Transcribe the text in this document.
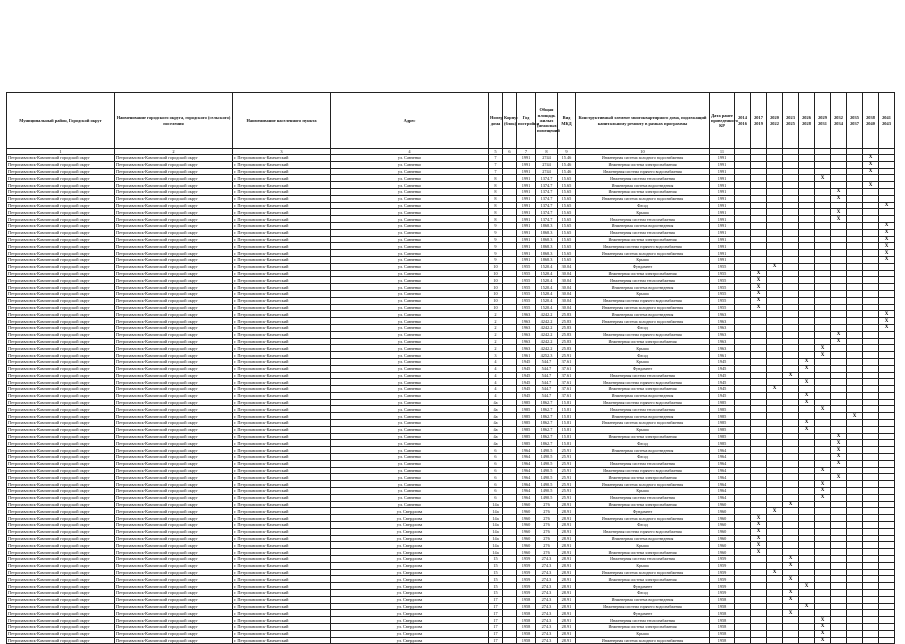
Муниципальный район, Городской округ	Наименование городского округа, городского (сельского) поселения	Наименование населенного пункта	Адрес	Номер дома	Корпус (блок)	Год постройки	Общая площадь жилых (нежилых) помещений	Вид МКД	Конструктивный элемент многоквартирного дома, подлежащий капитальному ремонту в рамках программы	Дата ранее проведенного КР	2014 2016	2017 2019	2020 2022	2023 2025	2026 2028	2029 2031	2032 2034	2035 2037	2038 2040	2041 2043
1	2	3	4	5	6	7	8	9	10	11										
Петропавловск-Камчатский городской округ	Петропавловск-Камчатский городской округ	г. Петропавловск-Камчатский	ул. Савченко	7		1991	2744	15.46	Инженерная система холодного водоснабжения	1991									X	
Петропавловск-Камчатский городской округ	Петропавловск-Камчатский городской округ	г. Петропавловск-Камчатский	ул. Савченко	7		1991	2744	15.46	Инженерная система электроснабжения	1991									X	
Петропавловск-Камчатский городской округ	Петропавловск-Камчатский городской округ	г. Петропавловск-Камчатский	ул. Савченко	7		1991	2744	15.46	Инженерная система горячего водоснабжения	1991									X	
Петропавловск-Камчатский городской округ	Петропавловск-Камчатский городской округ	г. Петропавловск-Камчатский	ул. Савченко	8		1991	1374.7	15.65	Инженерная система теплоснабжения	1991						X				
Петропавловск-Камчатский городской округ	Петропавловск-Камчатский городской округ	г. Петропавловск-Камчатский	ул. Савченко	8		1991	1374.7	15.65	Инженерная система водоотведения	1991									X	
Петропавловск-Камчатский городской округ	Петропавловск-Камчатский городской округ	г. Петропавловск-Камчатский	ул. Савченко	8		1991	1374.7	15.65	Инженерная система электроснабжения	1991							X			
Петропавловск-Камчатский городской округ	Петропавловск-Камчатский городской округ	г. Петропавловск-Камчатский	ул. Савченко	8		1991	1374.7	15.65	Инженерная система холодного водоснабжения	1991							X			
Петропавловск-Камчатский городской округ	Петропавловск-Камчатский городской округ	г. Петропавловск-Камчатский	ул. Савченко	8		1991	1374.7	15.65	Фасад	1991										X
Петропавловск-Камчатский городской округ	Петропавловск-Камчатский городской округ	г. Петропавловск-Камчатский	ул. Савченко	8		1991	1374.7	15.65	Крыша	1991							X			
Петропавловск-Камчатский городской округ	Петропавловск-Камчатский городской округ	г. Петропавловск-Камчатский	ул. Савченко	8		1991	1374.7	15.65	Инженерная система теплоснабжения	1991							X			
Петропавловск-Камчатский городской округ	Петропавловск-Камчатский городской округ	г. Петропавловск-Камчатский	ул. Савченко	9		1991	1868.3	15.65	Инженерная система водоотведения	1991										X
Петропавловск-Камчатский городской округ	Петропавловск-Камчатский городской округ	г. Петропавловск-Камчатский	ул. Савченко	9		1991	1868.3	15.65	Инженерная система теплоснабжения	1991										X
Петропавловск-Камчатский городской округ	Петропавловск-Камчатский городской округ	г. Петропавловск-Камчатский	ул. Савченко	9		1991	1868.3	15.65	Инженерная система электроснабжения	1991										X
Петропавловск-Камчатский городской округ	Петропавловск-Камчатский городской округ	г. Петропавловск-Камчатский	ул. Савченко	9		1991	1868.3	15.65	Инженерная система горячего водоснабжения	1991										X
Петропавловск-Камчатский городской округ	Петропавловск-Камчатский городской округ	г. Петропавловск-Камчатский	ул. Савченко	9		1991	1868.3	15.65	Инженерная система холодного водоснабжения	1991										X
Петропавловск-Камчатский городской округ	Петропавловск-Камчатский городской округ	г. Петропавловск-Камчатский	ул. Савченко	9		1991	1868.3	15.65	Крыша	1991										X
Петропавловск-Камчатский городской округ	Петропавловск-Камчатский городской округ	г. Петропавловск-Камчатский	ул. Савченко	10		1955	1520.4	30.04	Фундамент	1955			X							
Петропавловск-Камчатский городской округ	Петропавловск-Камчатский городской округ	г. Петропавловск-Камчатский	ул. Савченко	10		1955	1520.4	30.04	Инженерная система электроснабжения	1955		X								
Петропавловск-Камчатский городской округ	Петропавловск-Камчатский городской округ	г. Петропавловск-Камчатский	ул. Савченко	10		1955	1520.4	30.04	Инженерная система теплоснабжения	1955		X								
Петропавловск-Камчатский городской округ	Петропавловск-Камчатский городской округ	г. Петропавловск-Камчатский	ул. Савченко	10		1955	1520.4	30.04	Инженерная система водоотведения	1955		X								
Петропавловск-Камчатский городской округ	Петропавловск-Камчатский городской округ	г. Петропавловск-Камчатский	ул. Савченко	10		1955	1520.4	30.04	Крыша	1955		X								
Петропавловск-Камчатский городской округ	Петропавловск-Камчатский городской округ	г. Петропавловск-Камчатский	ул. Савченко	10		1955	1520.4	30.04	Инженерная система горячего водоснабжения	1955		X								
Петропавловск-Камчатский городской округ	Петропавловск-Камчатский городской округ	г. Петропавловск-Камчатский	ул. Савченко	10		1955	1520.4	30.04	Инженерная система холодного водоснабжения	1955		X								
Петропавловск-Камчатский городской округ	Петропавловск-Камчатский городской округ	г. Петропавловск-Камчатский	ул. Савченко	2		1963	4242.2	25.83	Инженерная система водоотведения	1963										X
Петропавловск-Камчатский городской округ	Петропавловск-Камчатский городской округ	г. Петропавловск-Камчатский	ул. Савченко	2		1963	4242.2	25.83	Инженерная система холодного водоснабжения	1963										X
Петропавловск-Камчатский городской округ	Петропавловск-Камчатский городской округ	г. Петропавловск-Камчатский	ул. Савченко	2		1963	4242.2	25.83	Фасад	1963										X
Петропавловск-Камчатский городской округ	Петропавловск-Камчатский городской округ	г. Петропавловск-Камчатский	ул. Савченко	2		1963	4242.2	25.83	Инженерная система горячего водоснабжения	1963							X			
Петропавловск-Камчатский городской округ	Петропавловск-Камчатский городской округ	г. Петропавловск-Камчатский	ул. Савченко	2		1963	4242.2	25.83	Инженерная система электроснабжения	1963							X			
Петропавловск-Камчатский городской округ	Петропавловск-Камчатский городской округ	г. Петропавловск-Камчатский	ул. Савченко	2		1963	4242.2	25.83	Крыша	1963						X				
Петропавловск-Камчатский городской округ	Петропавловск-Камчатский городской округ	г. Петропавловск-Камчатский	ул. Савченко	3		1961	4252.3	25.91	Фасад	1961						X				
Петропавловск-Камчатский городской округ	Петропавловск-Камчатский городской округ	г. Петропавловск-Камчатский	ул. Савченко	4		1945	544.7	37.61	Крыша	1945					X					
Петропавловск-Камчатский городской округ	Петропавловск-Камчатский городской округ	г. Петропавловск-Камчатский	ул. Савченко	4		1945	544.7	37.61	Фундамент	1945					X					
Петропавловск-Камчатский городской округ	Петропавловск-Камчатский городской округ	г. Петропавловск-Камчатский	ул. Савченко	4		1945	544.7	37.61	Инженерная система теплоснабжения	1945				X						
Петропавловск-Камчатский городской округ	Петропавловск-Камчатский городской округ	г. Петропавловск-Камчатский	ул. Савченко	4		1945	544.7	37.61	Инженерная система горячего водоснабжения	1945					X					
Петропавловск-Камчатский городской округ	Петропавловск-Камчатский городской округ	г. Петропавловск-Камчатский	ул. Савченко	4		1945	544.7	37.61	Инженерная система электроснабжения	1945			X							
Петропавловск-Камчатский городской округ	Петропавловск-Камчатский городской округ	г. Петропавловск-Камчатский	ул. Савченко	4		1945	544.7	37.61	Инженерная система водоотведения	1945					X					
Петропавловск-Камчатский городской округ	Петропавловск-Камчатский городской округ	г. Петропавловск-Камчатский	ул. Савченко	4a		1985	1862.7	15.81	Инженерная система горячего водоснабжения	1985					X					
Петропавловск-Камчатский городской округ	Петропавловск-Камчатский городской округ	г. Петропавловск-Камчатский	ул. Савченко	4a		1985	1862.7	15.81	Инженерная система теплоснабжения	1985						X				
Петропавловск-Камчатский городской округ	Петропавловск-Камчатский городской округ	г. Петропавловск-Камчатский	ул. Савченко	4a		1985	1862.7	15.81	Инженерная система водоотведения	1985								X		
Петропавловск-Камчатский городской округ	Петропавловск-Камчатский городской округ	г. Петропавловск-Камчатский	ул. Савченко	4a		1985	1862.7	15.81	Инженерная система холодного водоснабжения	1985					X					
Петропавловск-Камчатский городской округ	Петропавловск-Камчатский городской округ	г. Петропавловск-Камчатский	ул. Савченко	4a		1985	1862.7	15.81	Крыша	1985					X					
Петропавловск-Камчатский городской округ	Петропавловск-Камчатский городской округ	г. Петропавловск-Камчатский	ул. Савченко	4a		1985	1862.7	15.81	Инженерная система электроснабжения	1985							X			
Петропавловск-Камчатский городской округ	Петропавловск-Камчатский городской округ	г. Петропавловск-Камчатский	ул. Савченко	4a		1985	1862.7	15.81	Фасад	1985							X			
Петропавловск-Камчатский городской округ	Петропавловск-Камчатский городской округ	г. Петропавловск-Камчатский	ул. Савченко	6		1964	1490.5	25.91	Инженерная система водоотведения	1964							X			
Петропавловск-Камчатский городской округ	Петропавловск-Камчатский городской округ	г. Петропавловск-Камчатский	ул. Савченко	6		1964	1490.5	25.91	Фасад	1964							X			
Петропавловск-Камчатский городской округ	Петропавловск-Камчатский городской округ	г. Петропавловск-Камчатский	ул. Савченко	6		1964	1490.5	25.91	Инженерная система теплоснабжения	1964							X			
Петропавловск-Камчатский городской округ	Петропавловск-Камчатский городской округ	г. Петропавловск-Камчатский	ул. Савченко	6		1964	1490.5	25.91	Инженерная система горячего водоснабжения	1964						X				
Петропавловск-Камчатский городской округ	Петропавловск-Камчатский городской округ	г. Петропавловск-Камчатский	ул. Савченко	6		1964	1490.5	25.91	Инженерная система электроснабжения	1964							X			
Петропавловск-Камчатский городской округ	Петропавловск-Камчатский городской округ	г. Петропавловск-Камчатский	ул. Савченко	6		1964	1490.5	25.91	Инженерная система холодного водоснабжения	1964						X				
Петропавловск-Камчатский городской округ	Петропавловск-Камчатский городской округ	г. Петропавловск-Камчатский	ул. Савченко	6		1964	1490.5	25.91	Крыша	1964						X				
Петропавловск-Камчатский городской округ	Петропавловск-Камчатский городской округ	г. Петропавловск-Камчатский	ул. Савченко	6		1964	1490.5	25.91	Инженерная система теплоснабжения	1964						X				
Петропавловск-Камчатский городской округ	Петропавловск-Камчатский городской округ	г. Петропавловск-Камчатский	ул. Савченко	14a		1960	276	28.91	Инженерная система электроснабжения	1960				X						
Петропавловск-Камчатский городской округ	Петропавловск-Камчатский городской округ	г. Петропавловск-Камчатский	ул. Свердлова	14a		1960	276	28.91	Фундамент	1960			X							
Петропавловск-Камчатский городской округ	Петропавловск-Камчатский городской округ	г. Петропавловск-Камчатский	ул. Свердлова	14a		1960	276	28.91	Инженерная система холодного водоснабжения	1960		X								
Петропавловск-Камчатский городской округ	Петропавловск-Камчатский городской округ	г. Петропавловск-Камчатский	ул. Свердлова	14a		1960	276	28.91	Фасад	1960		X								
Петропавловск-Камчатский городской округ	Петропавловск-Камчатский городской округ	г. Петропавловск-Камчатский	ул. Свердлова	14a		1960	276	28.91	Инженерная система горячего водоснабжения	1960		X								
Петропавловск-Камчатский городской округ	Петропавловск-Камчатский городской округ	г. Петропавловск-Камчатский	ул. Свердлова	14a		1960	276	28.91	Инженерная система водоотведения	1960		X								
Петропавловск-Камчатский городской округ	Петропавловск-Камчатский городской округ	г. Петропавловск-Камчатский	ул. Свердлова	14a		1960	276	28.91	Крыша	1960		X								
Петропавловск-Камчатский городской округ	Петропавловск-Камчатский городской округ	г. Петропавловск-Камчатский	ул. Свердлова	14a		1960	276	28.91	Инженерная система электроснабжения	1960		X								
Петропавловск-Камчатский городской округ	Петропавловск-Камчатский городской округ	г. Петропавловск-Камчатский	ул. Свердлова	15		1959	274.3	28.91	Инженерная система теплоснабжения	1959				X						
Петропавловск-Камчатский городской округ	Петропавловск-Камчатский городской округ	г. Петропавловск-Камчатский	ул. Свердлова	15		1959	274.3	28.91	Крыша	1959				X						
Петропавловск-Камчатский городской округ	Петропавловск-Камчатский городской округ	г. Петропавловск-Камчатский	ул. Свердлова	15		1959	274.3	28.91	Инженерная система холодного водоснабжения	1959			X							
Петропавловск-Камчатский городской округ	Петропавловск-Камчатский городской округ	г. Петропавловск-Камчатский	ул. Свердлова	15		1959	274.3	28.91	Инженерная система электроснабжения	1959				X						
Петропавловск-Камчатский городской округ	Петропавловск-Камчатский городской округ	г. Петропавловск-Камчатский	ул. Свердлова	15		1959	274.3	28.91	Фундамент	1959					X					
Петропавловск-Камчатский городской округ	Петропавловск-Камчатский городской округ	г. Петропавловск-Камчатский	ул. Свердлова	15		1959	274.3	28.91	Фасад	1959				X						
Петропавловск-Камчатский городской округ	Петропавловск-Камчатский городской округ	г. Петропавловск-Камчатский	ул. Свердлова	17		1958	274.3	28.91	Инженерная система водоотведения	1958				X						
Петропавловск-Камчатский городской округ	Петропавловск-Камчатский городской округ	г. Петропавловск-Камчатский	ул. Свердлова	17		1958	274.3	28.91	Инженерная система горячего водоснабжения	1958					X					
Петропавловск-Камчатский городской округ	Петропавловск-Камчатский городской округ	г. Петропавловск-Камчатский	ул. Свердлова	17		1958	274.3	28.91	Фундамент	1958				X						
Петропавловск-Камчатский городской округ	Петропавловск-Камчатский городской округ	г. Петропавловск-Камчатский	ул. Свердлова	17		1958	274.3	28.91	Инженерная система теплоснабжения	1958						X				
Петропавловск-Камчатский городской округ	Петропавловск-Камчатский городской округ	г. Петропавловск-Камчатский	ул. Свердлова	17		1958	274.3	28.91	Инженерная система электроснабжения	1958						X				
Петропавловск-Камчатский городской округ	Петропавловск-Камчатский городской округ	г. Петропавловск-Камчатский	ул. Свердлова	17		1958	274.3	28.91	Крыша	1958						X				
Петропавловск-Камчатский городской округ	Петропавловск-Камчатский городской округ	г. Петропавловск-Камчатский	ул. Свердлова	17		1958	274.3	28.91	Инженерная система холодного водоснабжения	1958						X				
